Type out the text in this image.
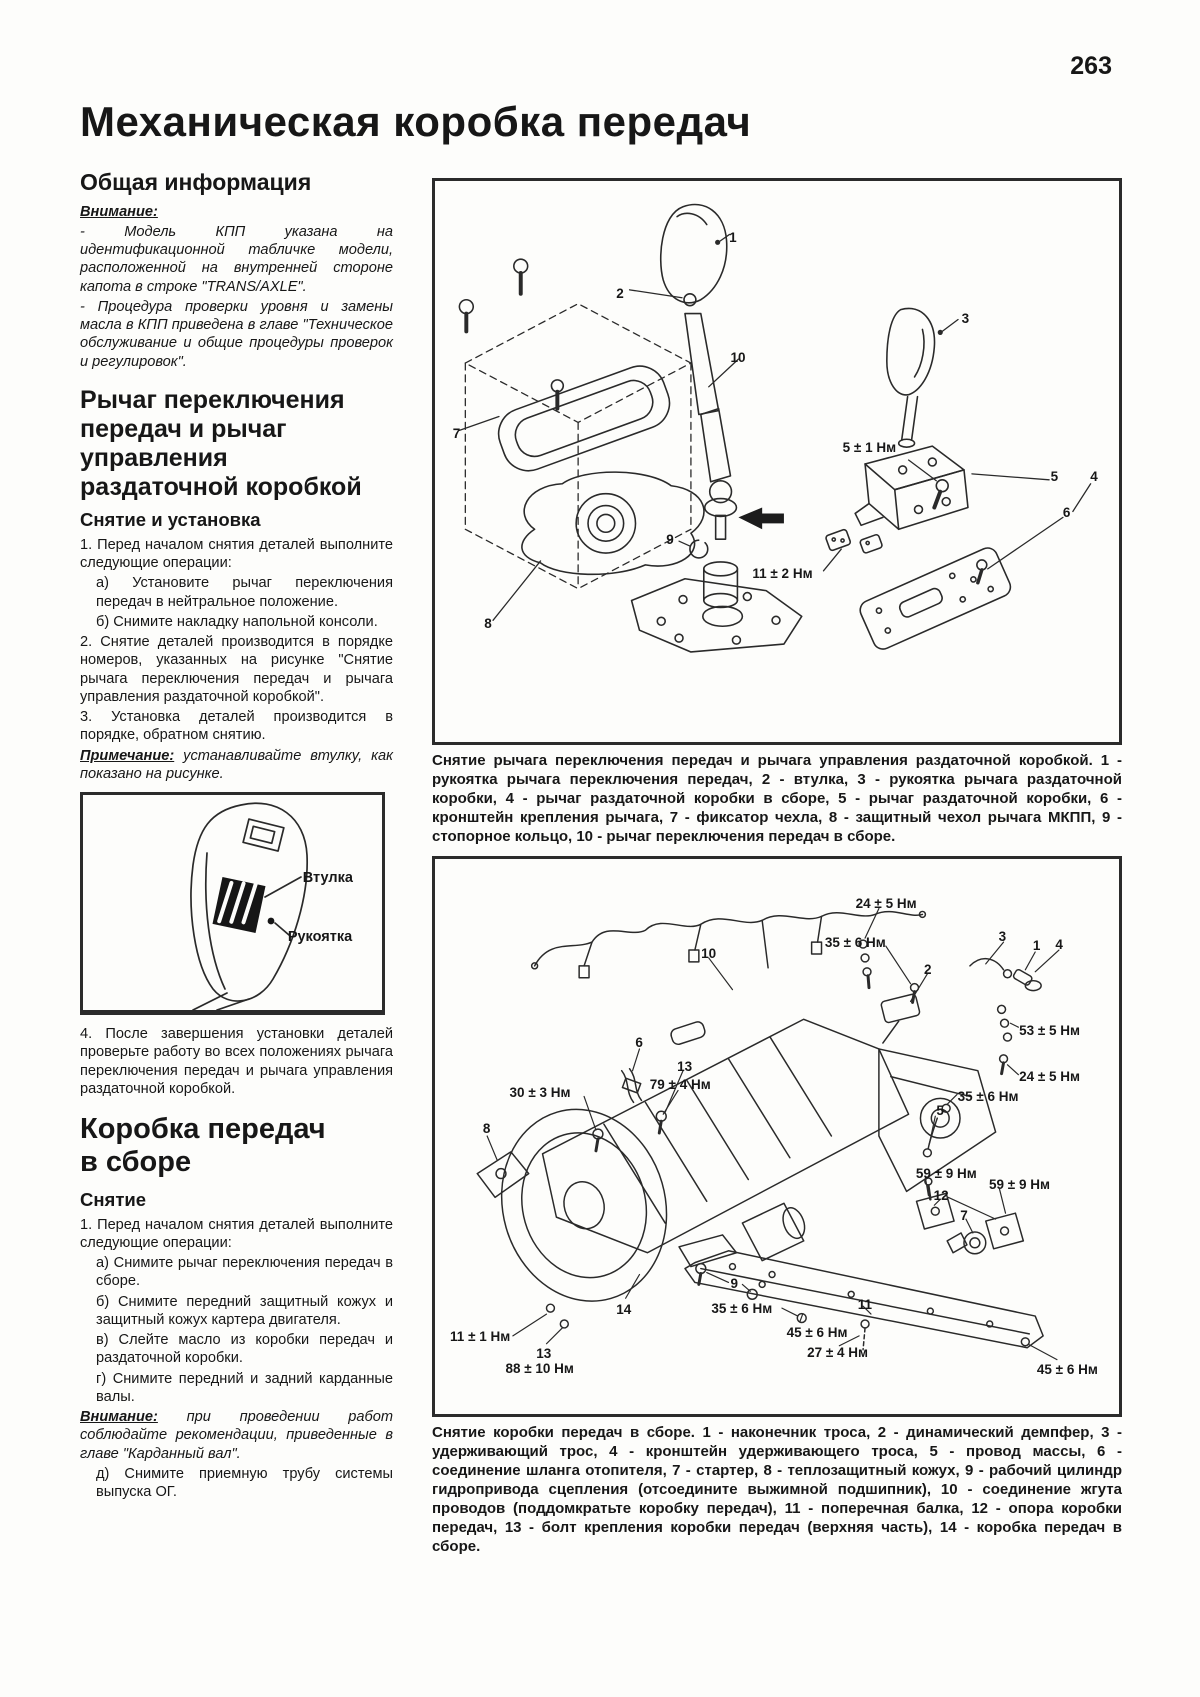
263
Механическая коробка передач
Общая информация

Внимание:

- Модель КПП указана на идентификационной табличке модели, расположенной на внутренней стороне капота в строке "TRANS/AXLE".

- Процедура проверки уровня и замены масла в КПП приведена в главе "Техническое обслуживание и общие процедуры проверок и регулировок".

Рычаг переключения передач и рычаг управления раздаточной коробкой
Снятие и установка

1. Перед началом снятия деталей выполните следующие операции:

а) Установите рычаг переключения передач в нейтральное положение.

б) Снимите накладку напольной консоли.

2. Снятие деталей производится в порядке номеров, указанных на рисунке "Снятие рычага переключения передач и рычага управления раздаточной коробкой".

3. Установка деталей производится в порядке, обратном снятию.

Примечание: устанавливайте втулку, как показано на рисунке.

Втулка
Рукоятка

4. После завершения установки деталей проверьте работу во всех положениях рычага переключения передач и рычага управления раздаточной коробкой.

Коробка передач
в сборе
Снятие

1. Перед началом снятия деталей выполните следующие операции:

а) Снимите рычаг переключения передач в сборе.

б) Снимите передний защитный кожух и защитный кожух картера двигателя.

в) Слейте масло из коробки передач и раздаточной коробки.

г) Снимите передний и задний карданные валы.

Внимание: при проведении работ соблюдайте рекомендации, приведенные в главе "Карданный вал".

д) Снимите приемную трубу системы выпуска ОГ.

1
2
3
10
5 ± 1 Нм
7
8
9
11 ± 2 Нм
5 4
6

Снятие рычага переключения передач и рычага управления раздаточной коробкой. 1 - рукоятка рычага переключения передач, 2 - втулка, 3 - рукоятка рычага раздаточной коробки, 4 - рычаг раздаточной коробки в сборе, 5 - рычаг раздаточной коробки, 6 - кронштейн крепления рычага, 7 - фиксатор чехла, 8 - защитный чехол рычага МКПП, 9 - стопорное кольцо, 10 - рычаг переключения передач в сборе.

24 ± 5 Нм
35 ± 6 Нм
2
3
1 4
53 ± 5 Нм
24 ± 5 Нм
35 ± 6 Нм
10
6
13
79 ± 4 Нм
30 ± 3 Нм
8
5
59 ± 9 Нм
12
59 ± 9 Нм
7
9
35 ± 6 Нм
45 ± 6 Нм
11
27 ± 4 Нм
45 ± 6 Нм
11 ± 1 Нм
13
88 ± 10 Нм
14

Снятие коробки передач в сборе. 1 - наконечник троса, 2 - динамический демпфер, 3 - удерживающий трос, 4 - кронштейн удерживающего троса, 5 - провод массы, 6 - соединение шланга отопителя, 7 - стартер, 8 - теплозащитный кожух, 9 - рабочий цилиндр гидропривода сцепления (отсоедините выжимной подшипник), 10 - соединение жгута проводов (поддомкратьте коробку передач), 11 - поперечная балка, 12 - опора коробки передач, 13 - болт крепления коробки передач (верхняя часть), 14 - коробка передач в сборе.
